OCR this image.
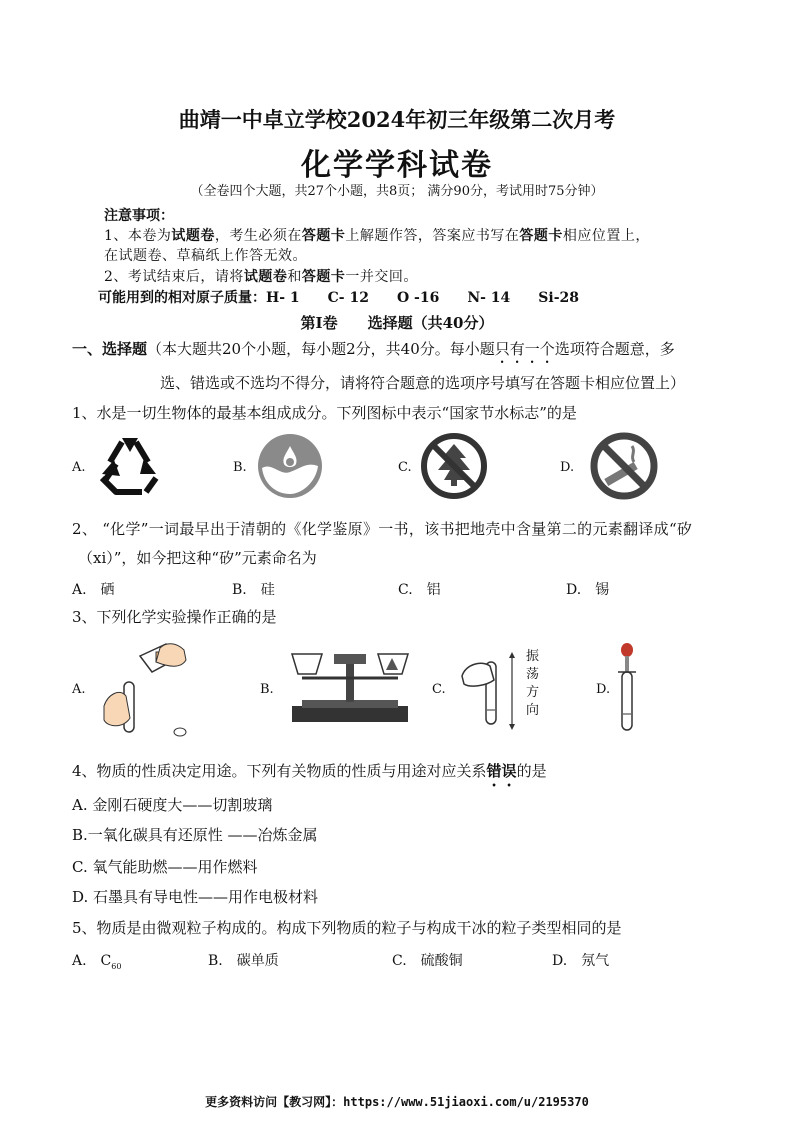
曲靖一中卓立学校2024年初三年级第二次月考
化学学科试卷
（全卷四个大题，共27个小题，共8页； 满分90分，考试用时75分钟）
注意事项：
1、本卷为试题卷，考生必须在答题卡上解题作答，答案应书写在答题卡相应位置上，
在试题卷、草稿纸上作答无效。
2、考试结束后，请将试题卷和答题卡一并交回。
可能用到的相对原子质量：H- 1　　C- 12　　O -16　　N- 14　　Si-28
第Ⅰ卷　　选择题（共40分）
一、选择题（本大题共20个小题，每小题2分，共40分。每小题只有一个选项符合题意，多
选、错选或不选均不得分，请将符合题意的选项序号填写在答题卡相应位置上）
1、水是一切生物体的最基本组成成分。下列图标中表示“国家节水标志”的是
A.	B.	C.	D.
2、 “化学”一词最早出于清朝的《化学鉴原》一书，该书把地壳中含量第二的元素翻译成“矽
（xi）”，如今把这种“矽”元素命名为
A.　硒	B.　硅	C.　铝	D.　锡
3、下列化学实验操作正确的是
A.	B.	C.	D.
振
荡
方
向
4、物质的性质决定用途。下列有关物质的性质与用途对应关系错误的是
A. 金刚石硬度大——切割玻璃
B.一氧化碳具有还原性 ——冶炼金属
C. 氧气能助燃——用作燃料
D. 石墨具有导电性——用作电极材料
5、物质是由微观粒子构成的。构成下列物质的粒子与构成干冰的粒子类型相同的是
A.　$C_{60}$	B.　碳单质	C.　硫酸铜	D.　氖气
更多资料访问【教习网】：https://www.51jiaoxi.com/u/2195370
